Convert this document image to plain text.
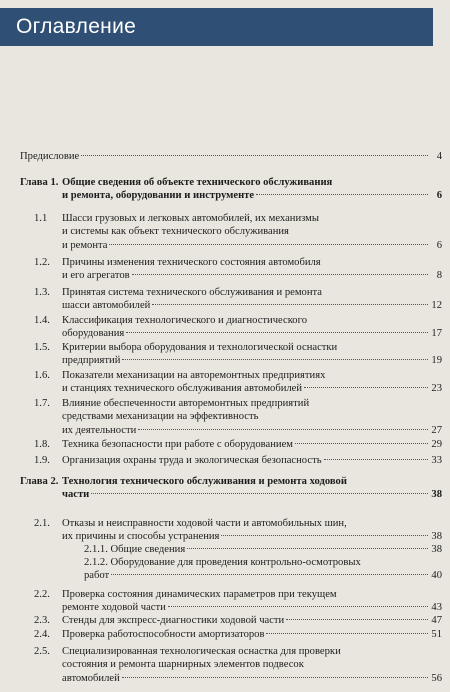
Оглавление
Предисловие	4
Глава 1. Общие сведения об объекте технического обслуживания
и ремонта, оборудовании и инструменте	6
1.1 Шасси грузовых и легковых автомобилей, их механизмы
и системы как объект технического обслуживания
и ремонта	6
1.2. Причины изменения технического состояния автомобиля
и его агрегатов	8
1.3. Принятая система технического обслуживания и ремонта
шасси автомобилей	12
1.4. Классификация технологического и диагностического
оборудования	17
1.5. Критерии выбора оборудования и технологической оснастки
предприятий	19
1.6. Показатели механизации на авторемонтных предприятиях
и станциях технического обслуживания автомобилей	23
1.7. Влияние обеспеченности авторемонтных предприятий
средствами механизации на эффективность
их деятельности	27
1.8. Техника безопасности при работе с оборудованием	29
1.9. Организация охраны труда и экологическая безопасность	33
Глава 2. Технология технического обслуживания и ремонта ходовой
части	38
2.1. Отказы и неисправности ходовой части и автомобильных шин,
их причины и способы устранения	38
2.1.1. Общие сведения	38
2.1.2. Оборудование для проведения контрольно-осмотровых
работ	40
2.2. Проверка состояния динамических параметров при текущем
ремонте ходовой части	43
2.3. Стенды для экспресс-диагностики ходовой части	47
2.4. Проверка работоспособности амортизаторов	51
2.5. Специализированная технологическая оснастка для проверки
состояния и ремонта шарнирных элементов подвесок
автомобилей	56
